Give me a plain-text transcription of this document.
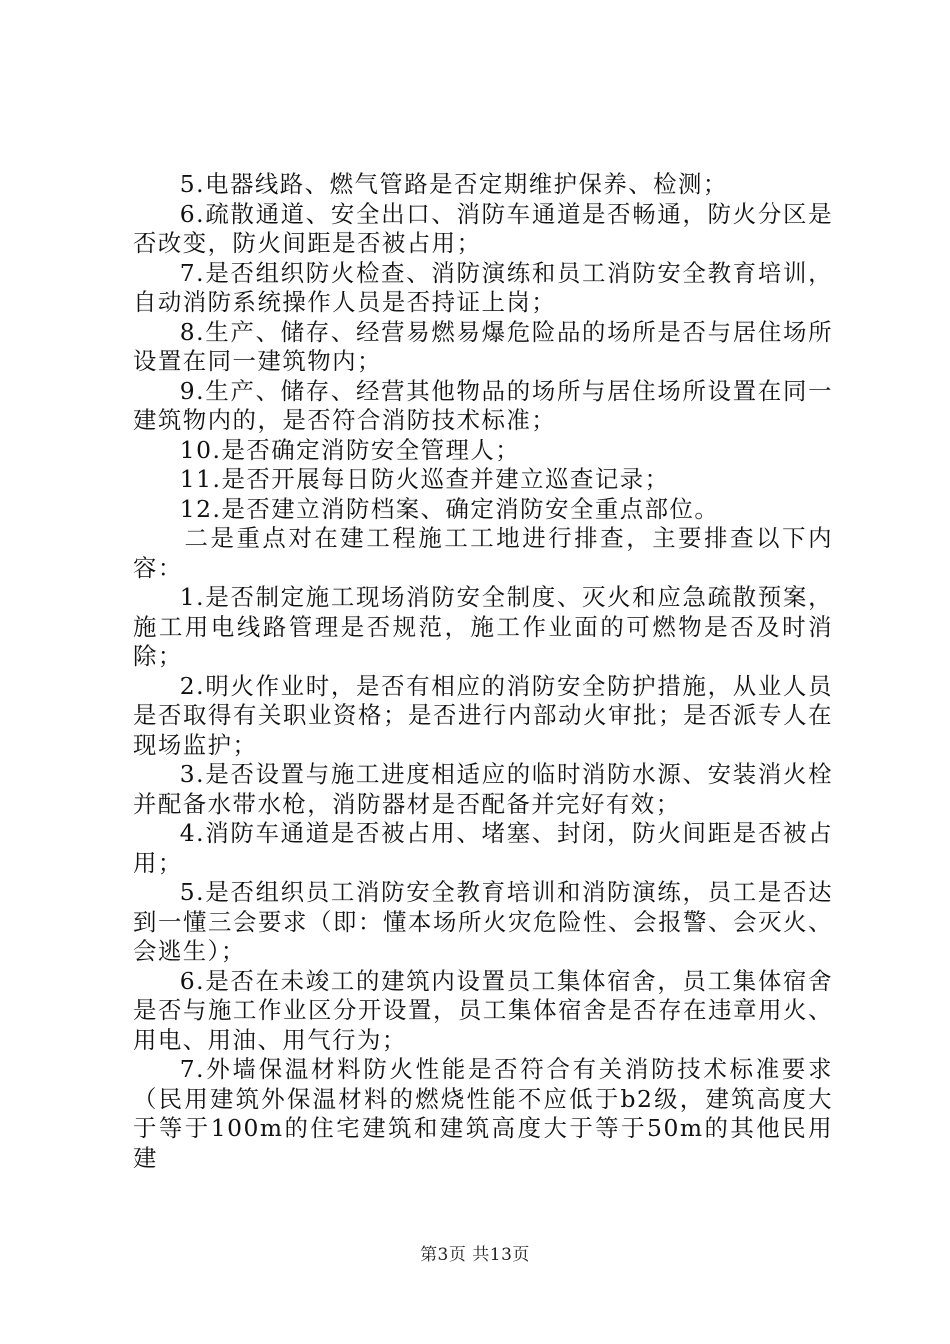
5.电器线路、燃气管路是否定期维护保养、检测；

6.疏散通道、安全出口、消防车通道是否畅通，防火分区是否改变，防火间距是否被占用；

7.是否组织防火检查、消防演练和员工消防安全教育培训，自动消防系统操作人员是否持证上岗；

8.生产、储存、经营易燃易爆危险品的场所是否与居住场所设置在同一建筑物内；

9.生产、储存、经营其他物品的场所与居住场所设置在同一建筑物内的，是否符合消防技术标准；

10.是否确定消防安全管理人；

11.是否开展每日防火巡查并建立巡查记录；

12.是否建立消防档案、确定消防安全重点部位。

二是重点对在建工程施工工地进行排查，主要排查以下内容：

1.是否制定施工现场消防安全制度、灭火和应急疏散预案，施工用电线路管理是否规范，施工作业面的可燃物是否及时消除；

2.明火作业时，是否有相应的消防安全防护措施，从业人员是否取得有关职业资格；是否进行内部动火审批；是否派专人在现场监护；

3.是否设置与施工进度相适应的临时消防水源、安装消火栓并配备水带水枪，消防器材是否配备并完好有效；

4.消防车通道是否被占用、堵塞、封闭，防火间距是否被占用；

5.是否组织员工消防安全教育培训和消防演练，员工是否达到一懂三会要求（即：懂本场所火灾危险性、会报警、会灭火、会逃生）；

6.是否在未竣工的建筑内设置员工集体宿舍，员工集体宿舍是否与施工作业区分开设置，员工集体宿舍是否存在违章用火、用电、用油、用气行为；

7.外墙保温材料防火性能是否符合有关消防技术标准要求（民用建筑外保温材料的燃烧性能不应低于b2级，建筑高度大于等于100m的住宅建筑和建筑高度大于等于50m的其他民用建

第3页 共13页
